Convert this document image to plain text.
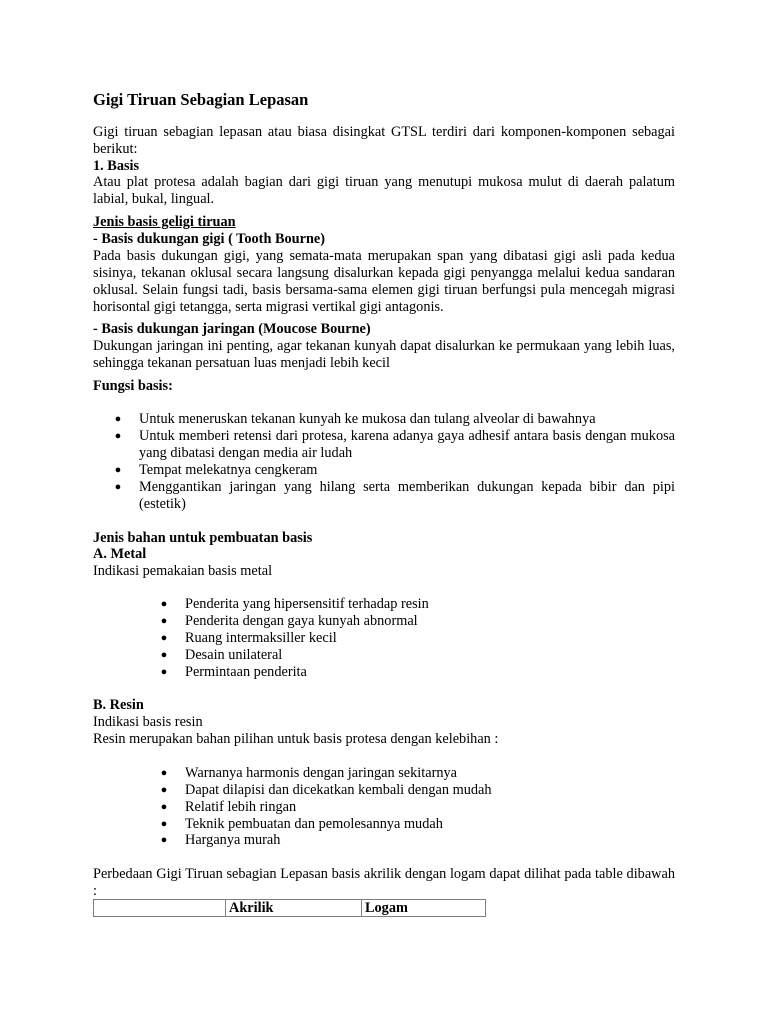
Gigi Tiruan Sebagian Lepasan

Gigi tiruan sebagian lepasan atau biasa disingkat GTSL terdiri dari komponen-komponen sebagai berikut:

1. Basis

Atau plat protesa adalah bagian dari gigi tiruan yang menutupi mukosa mulut di daerah palatum labial, bukal, lingual.

Jenis basis geligi tiruan

- Basis dukungan gigi ( Tooth Bourne)

Pada basis dukungan gigi, yang semata-mata merupakan span yang dibatasi gigi asli pada kedua sisinya, tekanan oklusal secara langsung disalurkan kepada gigi penyangga melalui kedua sandaran oklusal. Selain fungsi tadi, basis bersama-sama elemen gigi tiruan berfungsi pula mencegah migrasi horisontal gigi tetangga, serta migrasi vertikal gigi antagonis.

- Basis dukungan jaringan (Moucose Bourne)

Dukungan jaringan ini penting, agar tekanan kunyah dapat disalurkan ke permukaan yang lebih luas, sehingga tekanan persatuan luas menjadi lebih kecil

Fungsi basis:

● Untuk meneruskan tekanan kunyah ke mukosa dan tulang alveolar di bawahnya
● Untuk memberi retensi dari protesa, karena adanya gaya adhesif antara basis dengan mukosa yang dibatasi dengan media air ludah
● Tempat melekatnya cengkeram
● Menggantikan jaringan yang hilang serta memberikan dukungan kepada bibir dan pipi (estetik)

Jenis bahan untuk pembuatan basis

A. Metal

Indikasi pemakaian basis metal

● Penderita yang hipersensitif terhadap resin
● Penderita dengan gaya kunyah abnormal
● Ruang intermaksiller kecil
● Desain unilateral
● Permintaan penderita

B. Resin

Indikasi basis resin

Resin merupakan bahan pilihan untuk basis protesa dengan kelebihan :

● Warnanya harmonis dengan jaringan sekitarnya
● Dapat dilapisi dan dicekatkan kembali dengan mudah
● Relatif lebih ringan
● Teknik pembuatan dan pemolesannya mudah
● Harganya murah

Perbedaan Gigi Tiruan sebagian Lepasan basis akrilik dengan logam dapat dilihat pada table dibawah :

Akrilik	Logam
